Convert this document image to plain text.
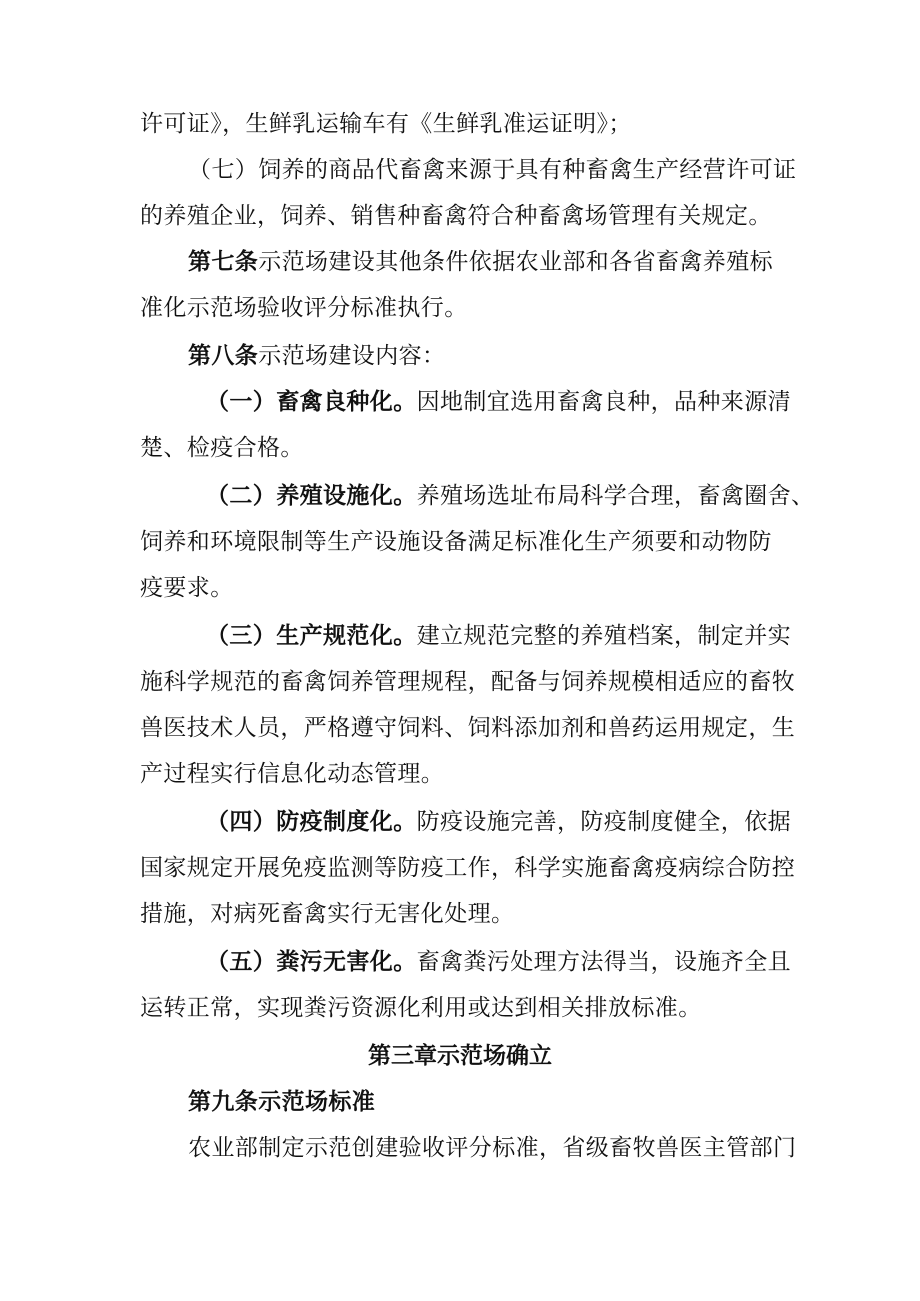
许可证》，生鲜乳运输车有《生鲜乳准运证明》；
（七）饲养的商品代畜禽来源于具有种畜禽生产经营许可证
的养殖企业，饲养、销售种畜禽符合种畜禽场管理有关规定。
第七条示范场建设其他条件依据农业部和各省畜禽养殖标
准化示范场验收评分标准执行。
第八条示范场建设内容：
（一）畜禽良种化。因地制宜选用畜禽良种，品种来源清
楚、检疫合格。
（二）养殖设施化。养殖场选址布局科学合理，畜禽圈舍、
饲养和环境限制等生产设施设备满足标准化生产须要和动物防
疫要求。
（三）生产规范化。建立规范完整的养殖档案，制定并实
施科学规范的畜禽饲养管理规程，配备与饲养规模相适应的畜牧
兽医技术人员，严格遵守饲料、饲料添加剂和兽药运用规定，生
产过程实行信息化动态管理。
（四）防疫制度化。防疫设施完善，防疫制度健全，依据
国家规定开展免疫监测等防疫工作，科学实施畜禽疫病综合防控
措施，对病死畜禽实行无害化处理。
（五）粪污无害化。畜禽粪污处理方法得当，设施齐全且
运转正常，实现粪污资源化利用或达到相关排放标准。
第三章示范场确立
第九条示范场标准
农业部制定示范创建验收评分标准，省级畜牧兽医主管部门
